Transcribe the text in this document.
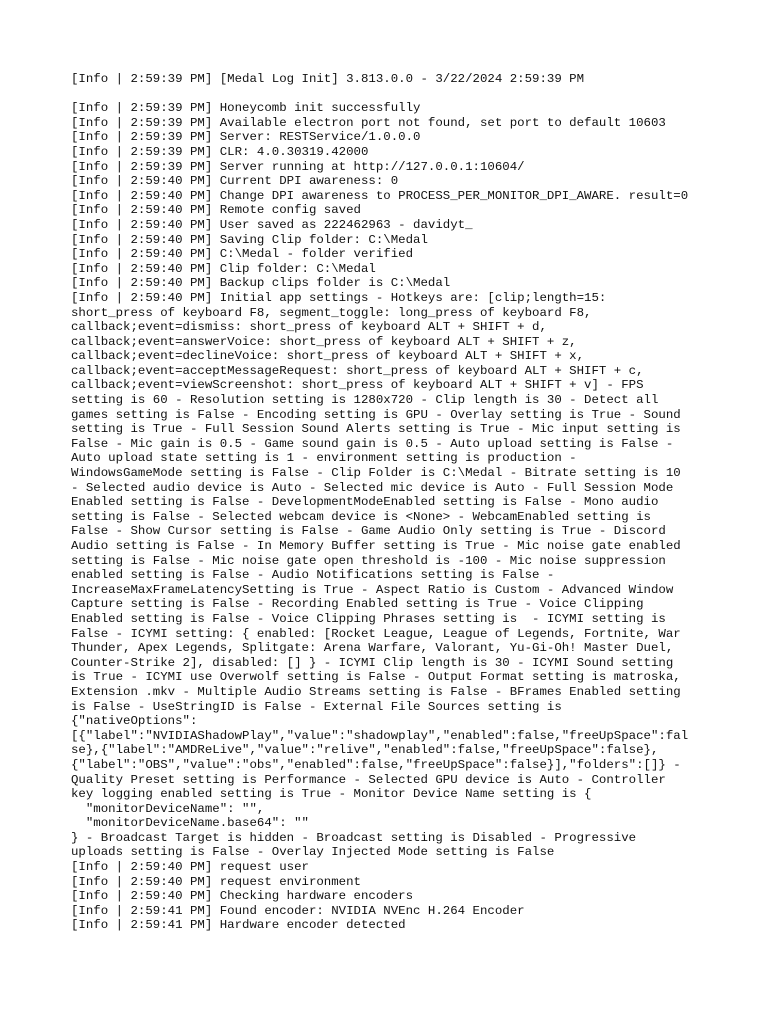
[Info | 2:59:39 PM] [Medal Log Init] 3.813.0.0 - 3/22/2024 2:59:39 PM
[Info | 2:59:39 PM] Honeycomb init successfully
[Info | 2:59:39 PM] Available electron port not found, set port to default 10603
[Info | 2:59:39 PM] Server: RESTService/1.0.0.0
[Info | 2:59:39 PM] CLR: 4.0.30319.42000
[Info | 2:59:39 PM] Server running at http://127.0.0.1:10604/
[Info | 2:59:40 PM] Current DPI awareness: 0
[Info | 2:59:40 PM] Change DPI awareness to PROCESS_PER_MONITOR_DPI_AWARE. result=0
[Info | 2:59:40 PM] Remote config saved
[Info | 2:59:40 PM] User saved as 222462963 - davidyt_
[Info | 2:59:40 PM] Saving Clip folder: C:\Medal
[Info | 2:59:40 PM] C:\Medal - folder verified
[Info | 2:59:40 PM] Clip folder: C:\Medal
[Info | 2:59:40 PM] Backup clips folder is C:\Medal
[Info | 2:59:40 PM] Initial app settings - Hotkeys are: [clip;length=15:
short_press of keyboard F8, segment_toggle: long_press of keyboard F8,
callback;event=dismiss: short_press of keyboard ALT + SHIFT + d,
callback;event=answerVoice: short_press of keyboard ALT + SHIFT + z,
callback;event=declineVoice: short_press of keyboard ALT + SHIFT + x,
callback;event=acceptMessageRequest: short_press of keyboard ALT + SHIFT + c,
callback;event=viewScreenshot: short_press of keyboard ALT + SHIFT + v] - FPS
setting is 60 - Resolution setting is 1280x720 - Clip length is 30 - Detect all
games setting is False - Encoding setting is GPU - Overlay setting is True - Sound
setting is True - Full Session Sound Alerts setting is True - Mic input setting is
False - Mic gain is 0.5 - Game sound gain is 0.5 - Auto upload setting is False -
Auto upload state setting is 1 - environment setting is production -
WindowsGameMode setting is False - Clip Folder is C:\Medal - Bitrate setting is 10
- Selected audio device is Auto - Selected mic device is Auto - Full Session Mode
Enabled setting is False - DevelopmentModeEnabled setting is False - Mono audio
setting is False - Selected webcam device is <None> - WebcamEnabled setting is
False - Show Cursor setting is False - Game Audio Only setting is True - Discord
Audio setting is False - In Memory Buffer setting is True - Mic noise gate enabled
setting is False - Mic noise gate open threshold is -100 - Mic noise suppression
enabled setting is False - Audio Notifications setting is False -
IncreaseMaxFrameLatencySetting is True - Aspect Ratio is Custom - Advanced Window
Capture setting is False - Recording Enabled setting is True - Voice Clipping
Enabled setting is False - Voice Clipping Phrases setting is  - ICYMI setting is
False - ICYMI setting: { enabled: [Rocket League, League of Legends, Fortnite, War
Thunder, Apex Legends, Splitgate: Arena Warfare, Valorant, Yu-Gi-Oh! Master Duel,
Counter-Strike 2], disabled: [] } - ICYMI Clip length is 30 - ICYMI Sound setting
is True - ICYMI use Overwolf setting is False - Output Format setting is matroska,
Extension .mkv - Multiple Audio Streams setting is False - BFrames Enabled setting
is False - UseStringID is False - External File Sources setting is
{"nativeOptions":
[{"label":"NVIDIAShadowPlay","value":"shadowplay","enabled":false,"freeUpSpace":fal
se},{"label":"AMDReLive","value":"relive","enabled":false,"freeUpSpace":false},
{"label":"OBS","value":"obs","enabled":false,"freeUpSpace":false}],"folders":[]} -
Quality Preset setting is Performance - Selected GPU device is Auto - Controller
key logging enabled setting is True - Monitor Device Name setting is {
"monitorDeviceName": "",
"monitorDeviceName.base64": ""
} - Broadcast Target is hidden - Broadcast setting is Disabled - Progressive
uploads setting is False - Overlay Injected Mode setting is False
[Info | 2:59:40 PM] request user
[Info | 2:59:40 PM] request environment
[Info | 2:59:40 PM] Checking hardware encoders
[Info | 2:59:41 PM] Found encoder: NVIDIA NVEnc H.264 Encoder
[Info | 2:59:41 PM] Hardware encoder detected
